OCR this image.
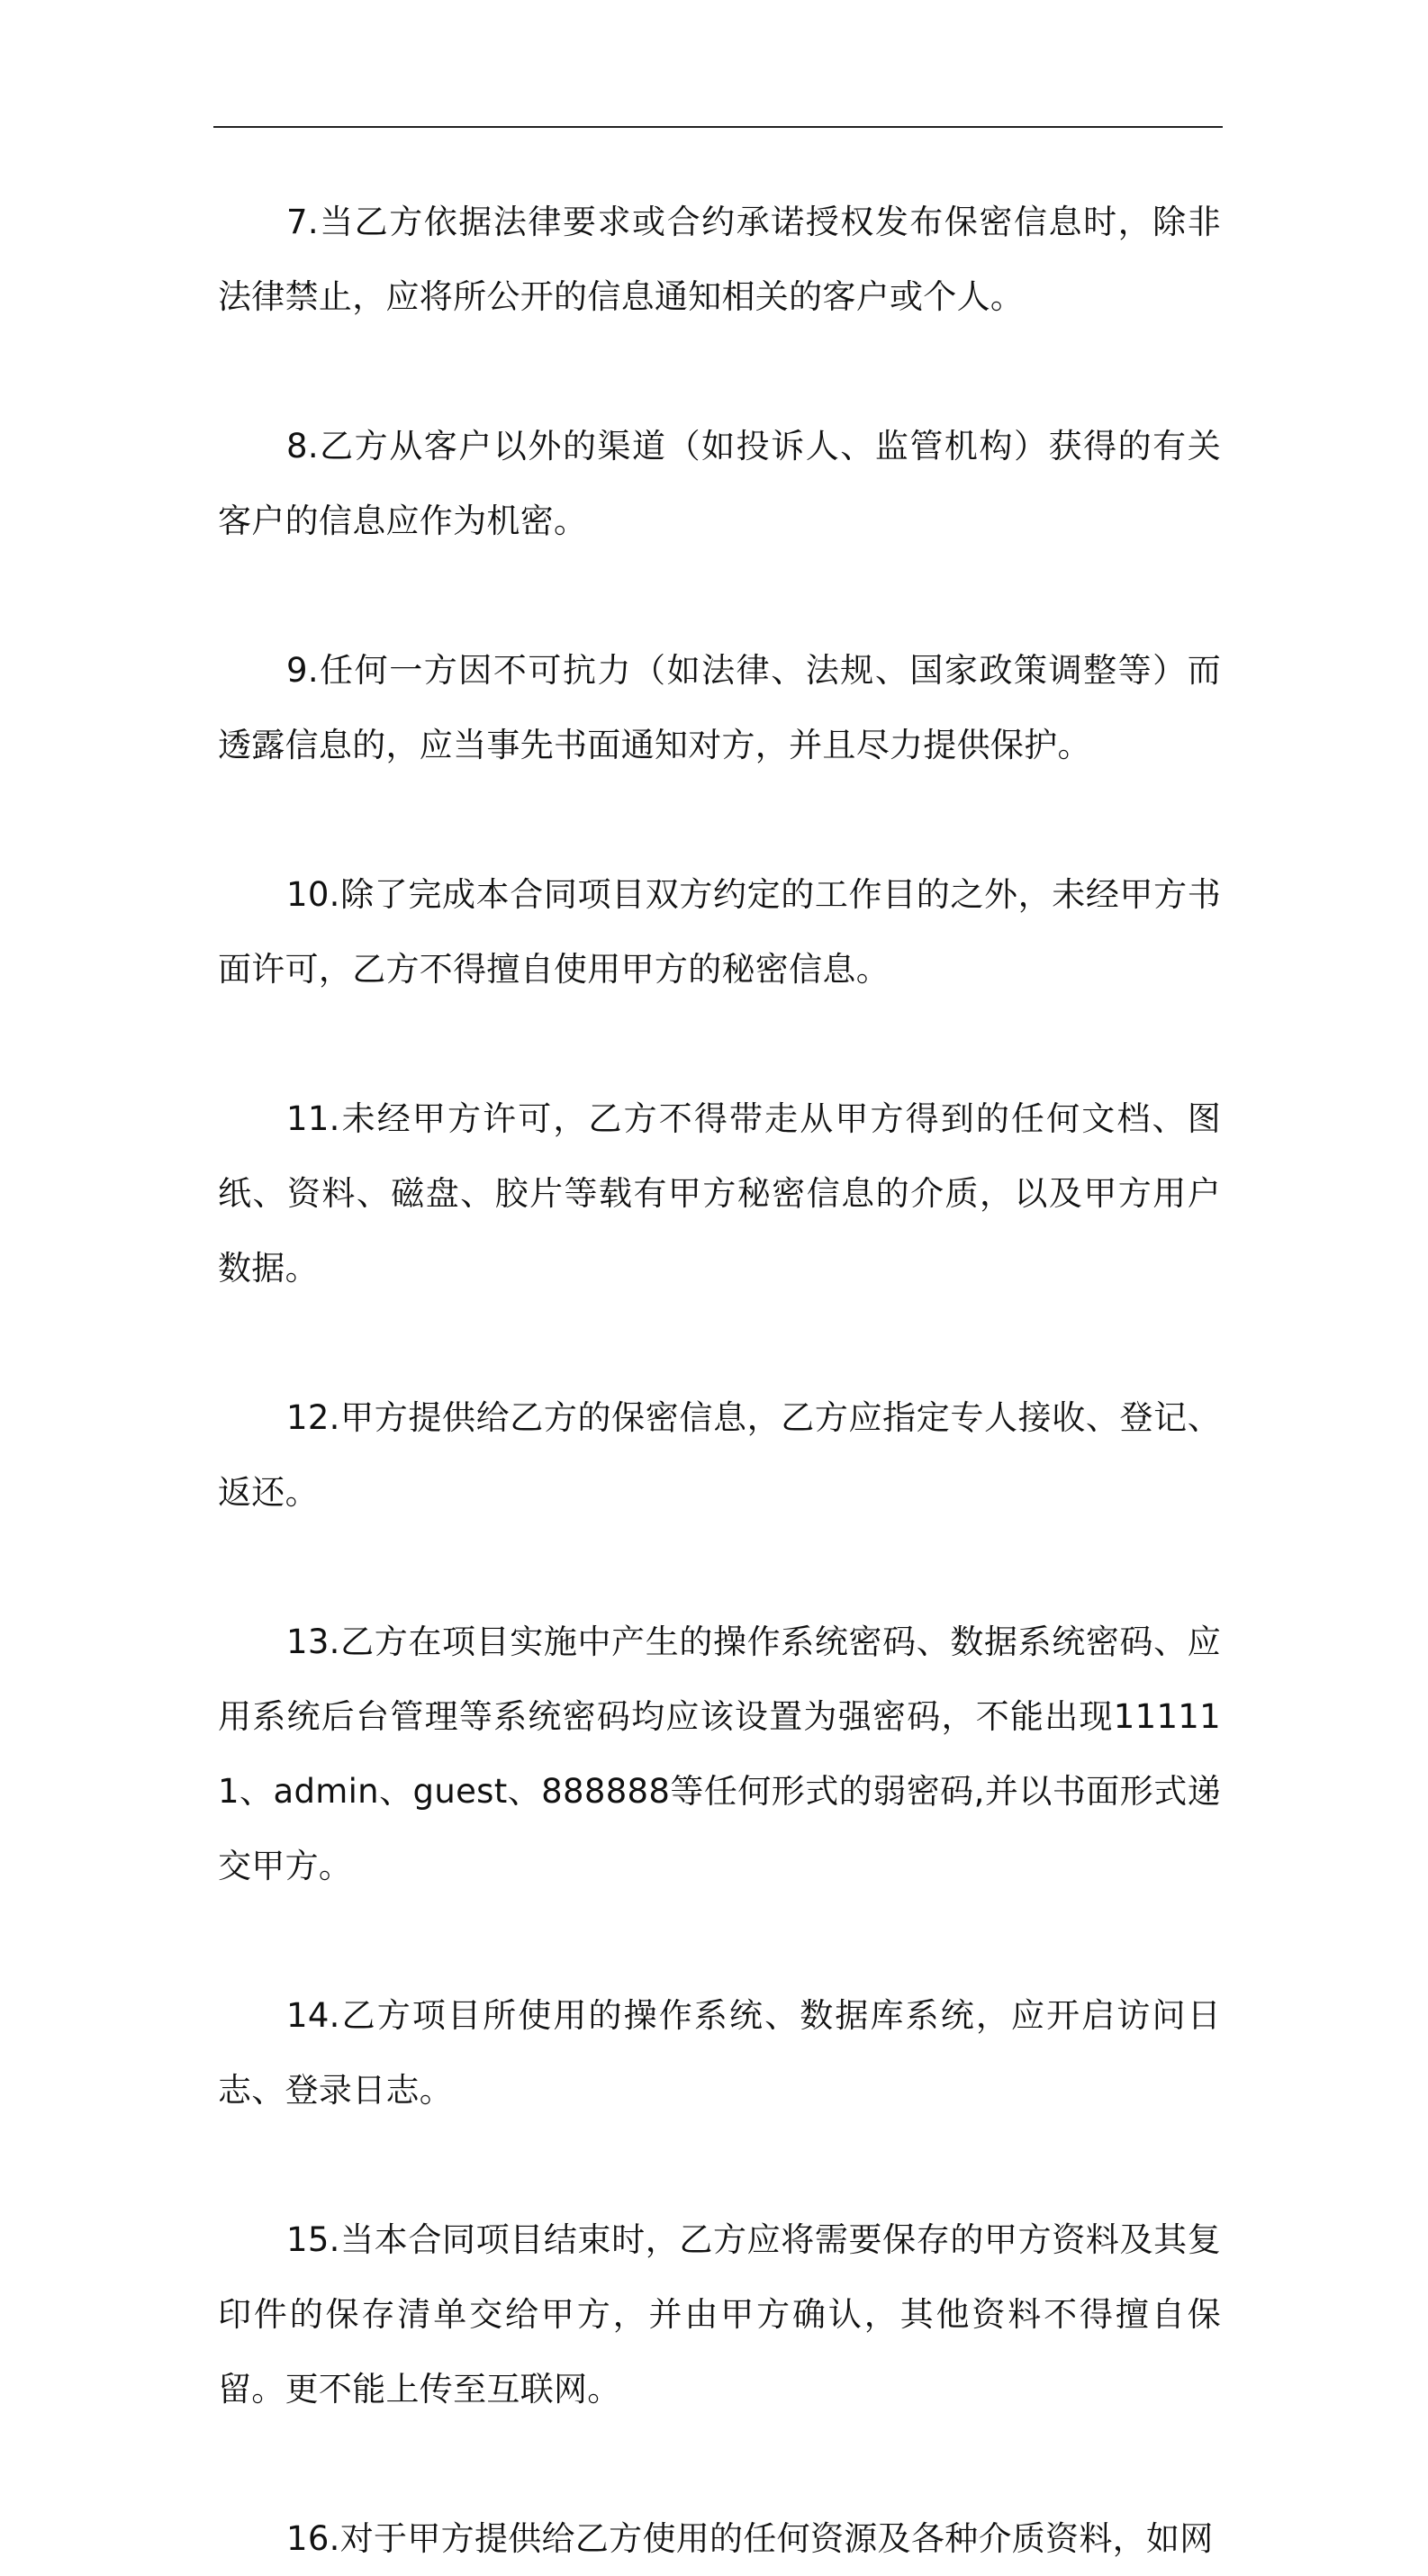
7.当乙方依据法律要求或合约承诺授权发布保密信息时，除非法律禁止，应将所公开的信息通知相关的客户或个人。

8.乙方从客户以外的渠道（如投诉人、监管机构）获得的有关客户的信息应作为机密。

9.任何一方因不可抗力（如法律、法规、国家政策调整等）而透露信息的，应当事先书面通知对方，并且尽力提供保护。

10.除了完成本合同项目双方约定的工作目的之外，未经甲方书面许可，乙方不得擅自使用甲方的秘密信息。

11.未经甲方许可，乙方不得带走从甲方得到的任何文档、图纸、资料、磁盘、胶片等载有甲方秘密信息的介质，以及甲方用户数据。

12.甲方提供给乙方的保密信息，乙方应指定专人接收、登记、返还。

13.乙方在项目实施中产生的操作系统密码、数据系统密码、应用系统后台管理等系统密码均应该设置为强密码，不能出现111111、admin、guest、888888等任何形式的弱密码,并以书面形式递交甲方。

14.乙方项目所使用的操作系统、数据库系统，应开启访问日志、登录日志。

15.当本合同项目结束时，乙方应将需要保存的甲方资料及其复印件的保存清单交给甲方，并由甲方确认，其他资料不得擅自保留。更不能上传至互联网。

16.对于甲方提供给乙方使用的任何资源及各种介质资料，如网
